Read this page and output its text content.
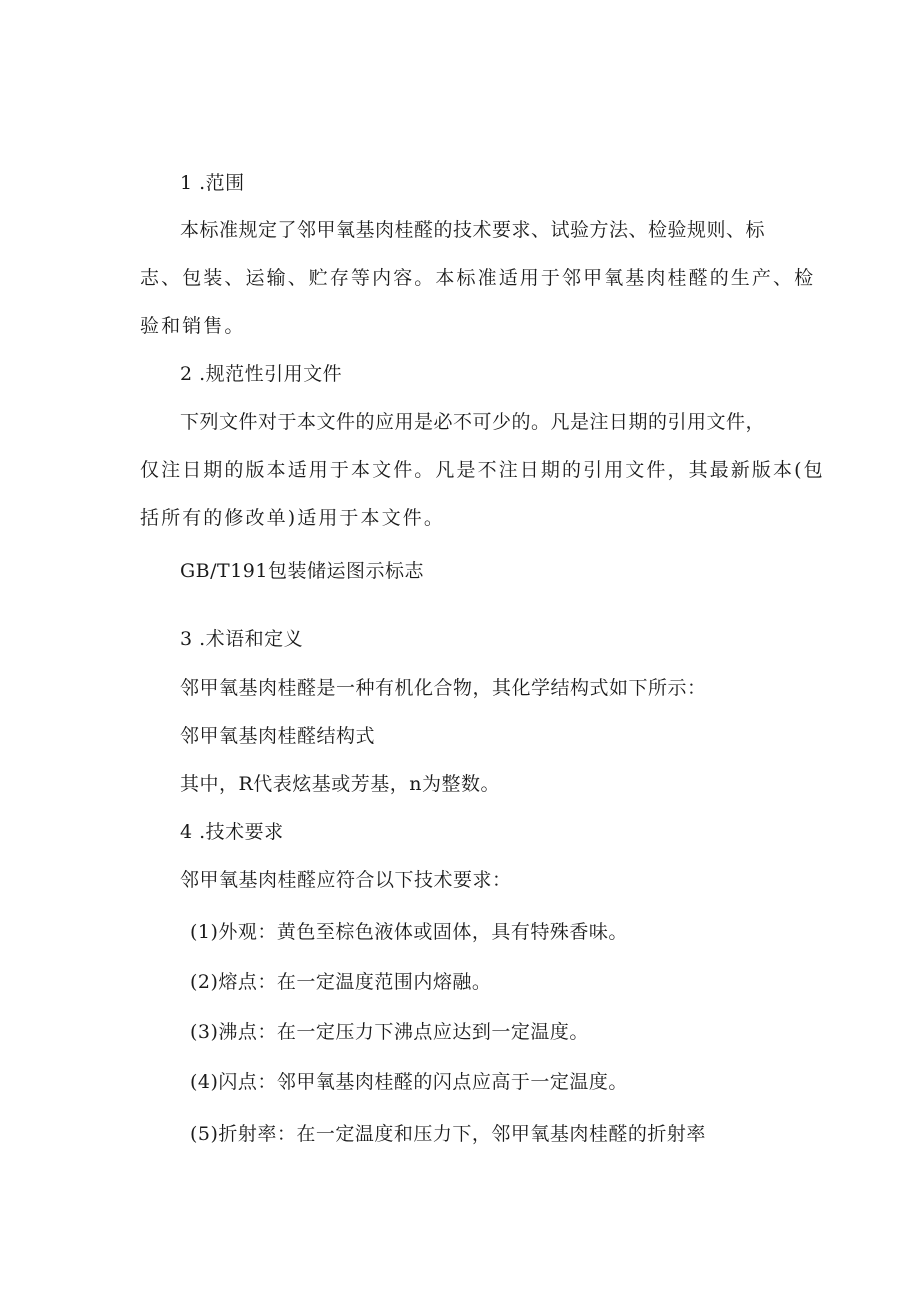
1 .范围
本标准规定了邻甲氧基肉桂醛的技术要求、试验方法、检验规则、标
志、包装、运输、贮存等内容。本标准适用于邻甲氧基肉桂醛的生产、检
验和销售。
2 .规范性引用文件
下列文件对于本文件的应用是必不可少的。凡是注日期的引用文件，
仅注日期的版本适用于本文件。凡是不注日期的引用文件，其最新版本(包
括所有的修改单)适用于本文件。
GB/T191包装储运图示标志
3 .术语和定义
邻甲氧基肉桂醛是一种有机化合物，其化学结构式如下所示：
邻甲氧基肉桂醛结构式
其中，R代表炫基或芳基，n为整数。
4 .技术要求
邻甲氧基肉桂醛应符合以下技术要求：
(1)外观：黄色至棕色液体或固体，具有特殊香味。
(2)熔点：在一定温度范围内熔融。
(3)沸点：在一定压力下沸点应达到一定温度。
(4)闪点：邻甲氧基肉桂醛的闪点应高于一定温度。
(5)折射率：在一定温度和压力下，邻甲氧基肉桂醛的折射率
